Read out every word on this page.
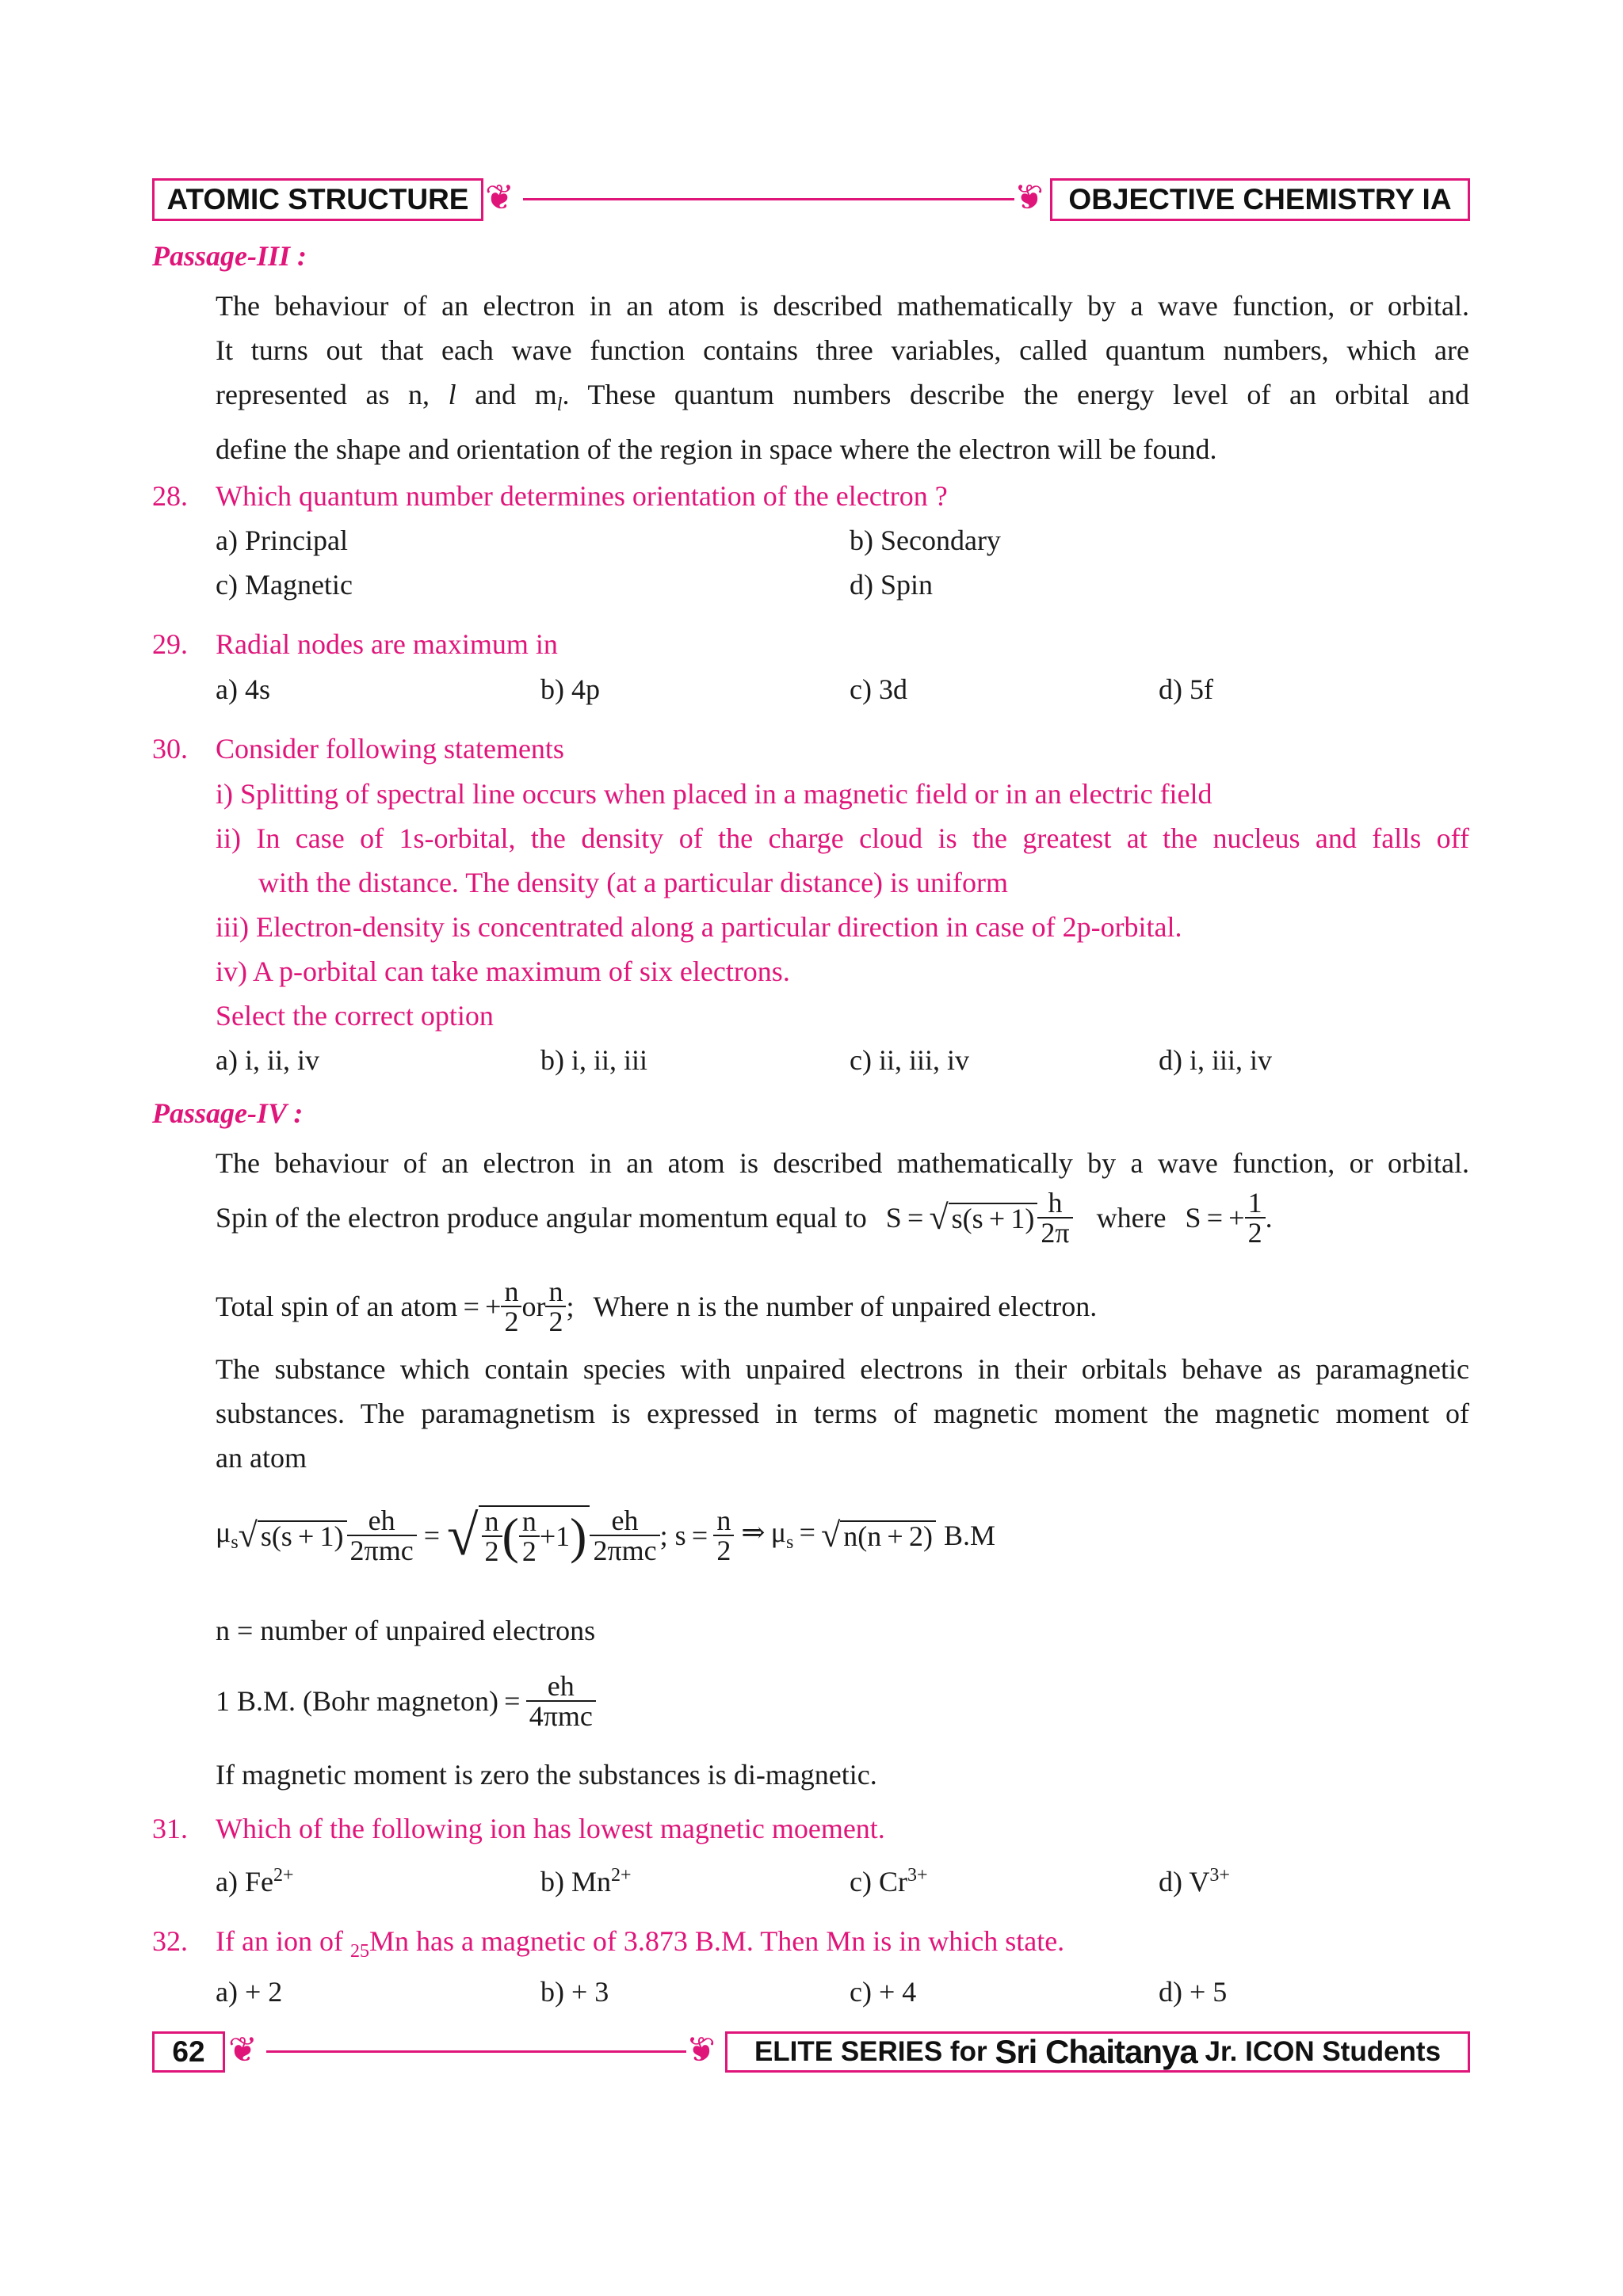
ATOMIC STRUCTURE ❦	❦ OBJECTIVE CHEMISTRY IA
Passage-III :
The behaviour of an electron in an atom is described mathematically by a wave function, or orbital.
It turns out that each wave function contains three variables, called quantum numbers, which are
represented as n, l and $m_l$. These quantum numbers describe the energy level of an orbital and
define the shape and orientation of the region in space where the electron will be found.
28. Which quantum number determines orientation of the electron ?
a) Principal	b) Secondary
c) Magnetic	d) Spin
29. Radial nodes are maximum in
a) 4s	b) 4p	c) 3d	d) 5f
30. Consider following statements
i) Splitting of spectral line occurs when placed in a magnetic field or in an electric field
ii) In case of 1s-orbital, the density of the charge cloud is the greatest at the nucleus and falls off
with the distance. The density (at a particular distance) is uniform
iii) Electron-density is concentrated along a particular direction in case of 2p-orbital.
iv) A p-orbital can take maximum of six electrons.
Select the correct option
a) i, ii, iv	b) i, ii, iii	c) ii, iii, iv	d) i, iii, iv
Passage-IV :
The behaviour of an electron in an atom is described mathematically by a wave function, or orbital.
Spin of the electron produce angular momentum equal to S =  √ $s(s + 1) \frac{h}{2\pi}$ where S = + $\frac{1}{2}$ .
Total spin of an atom  = + $\frac{n}{2}$ or $\frac{n}{2}$ ; Where n is the number of unpaired electron.
The substance which contain species with unpaired electrons in their orbitals behave as paramagnetic
substances. The paramagnetism is expressed in terms of magnetic moment the magnetic moment of
an atom
$\mu_s$ √ $s(s + 1) \frac{eh}{\text{2πmc}}$ = √ $\frac{n}{2}$ ( $\frac{n}{2} +1$ ) $\frac{eh}{\text{2πmc}}$ ; $s = \frac{n}{2}$ ⇒ $\mu_s$ =  √ n(n + 2) B.M
n = number of unpaired electrons
1 B.M. (Bohr magneton)  =  $\frac{eh}{\text{4πmc}}$
If magnetic moment is zero the substances is di-magnetic.
31. Which of the following ion has lowest magnetic moement.
a) $Fe^{2+}$	b) $Mn^{2+}$	c) $Cr^{3+}$	d) $V^{3+}$
32. If an ion of $_{25}$Mn has a magnetic of 3.873 B.M. Then Mn is in which state.
a) + 2	b) + 3	c) + 4	d) + 5
62 ❦	❦ ELITE SERIES for
Sri Chaitanya
Jr. ICON Students
